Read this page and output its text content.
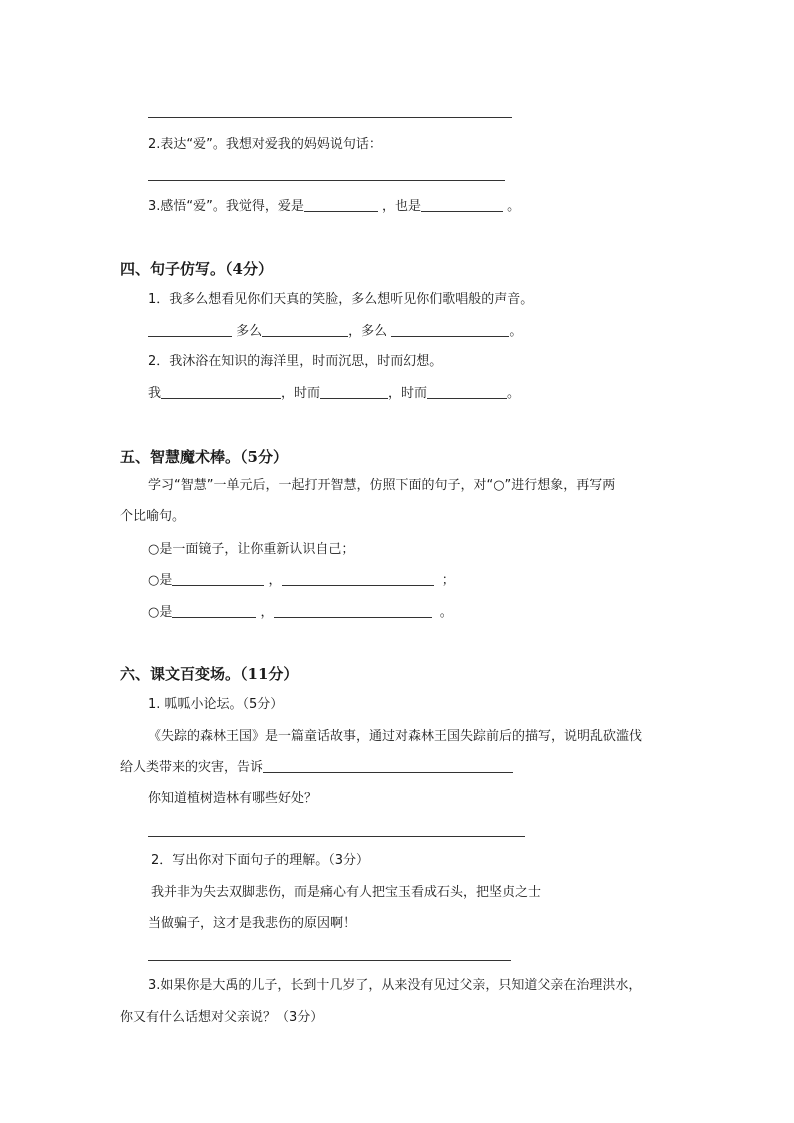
2.表达“爱”。我想对爱我的妈妈说句话：
3.感悟“爱”。我觉得，爱是	，也是	。
四、句子仿写。（4分）
1．我多么想看见你们天真的笑脸，多么想听见你们歌唱般的声音。
多么	，多么	。
2．我沐浴在知识的海洋里，时而沉思，时而幻想。
我	，时而	，时而	。
五、智慧魔术棒。（5分）
学习“智慧”一单元后，一起打开智慧，仿照下面的句子，对“○”进行想象，再写两
个比喻句。
○是一面镜子，让你重新认识自己；
○是	，	；
○是	，	。
六、课文百变场。（11分）
1. 呱呱小论坛。（5分）
《失踪的森林王国》是一篇童话故事，通过对森林王国失踪前后的描写，说明乱砍滥伐
给人类带来的灾害，告诉
你知道植树造林有哪些好处？
2．写出你对下面句子的理解。（3分）
我并非为失去双脚悲伤，而是痛心有人把宝玉看成石头，把坚贞之士
当做骗子，这才是我悲伤的原因啊！
3.如果你是大禹的儿子，长到十几岁了，从来没有见过父亲，只知道父亲在治理洪水，
你又有什么话想对父亲说？（3分）
